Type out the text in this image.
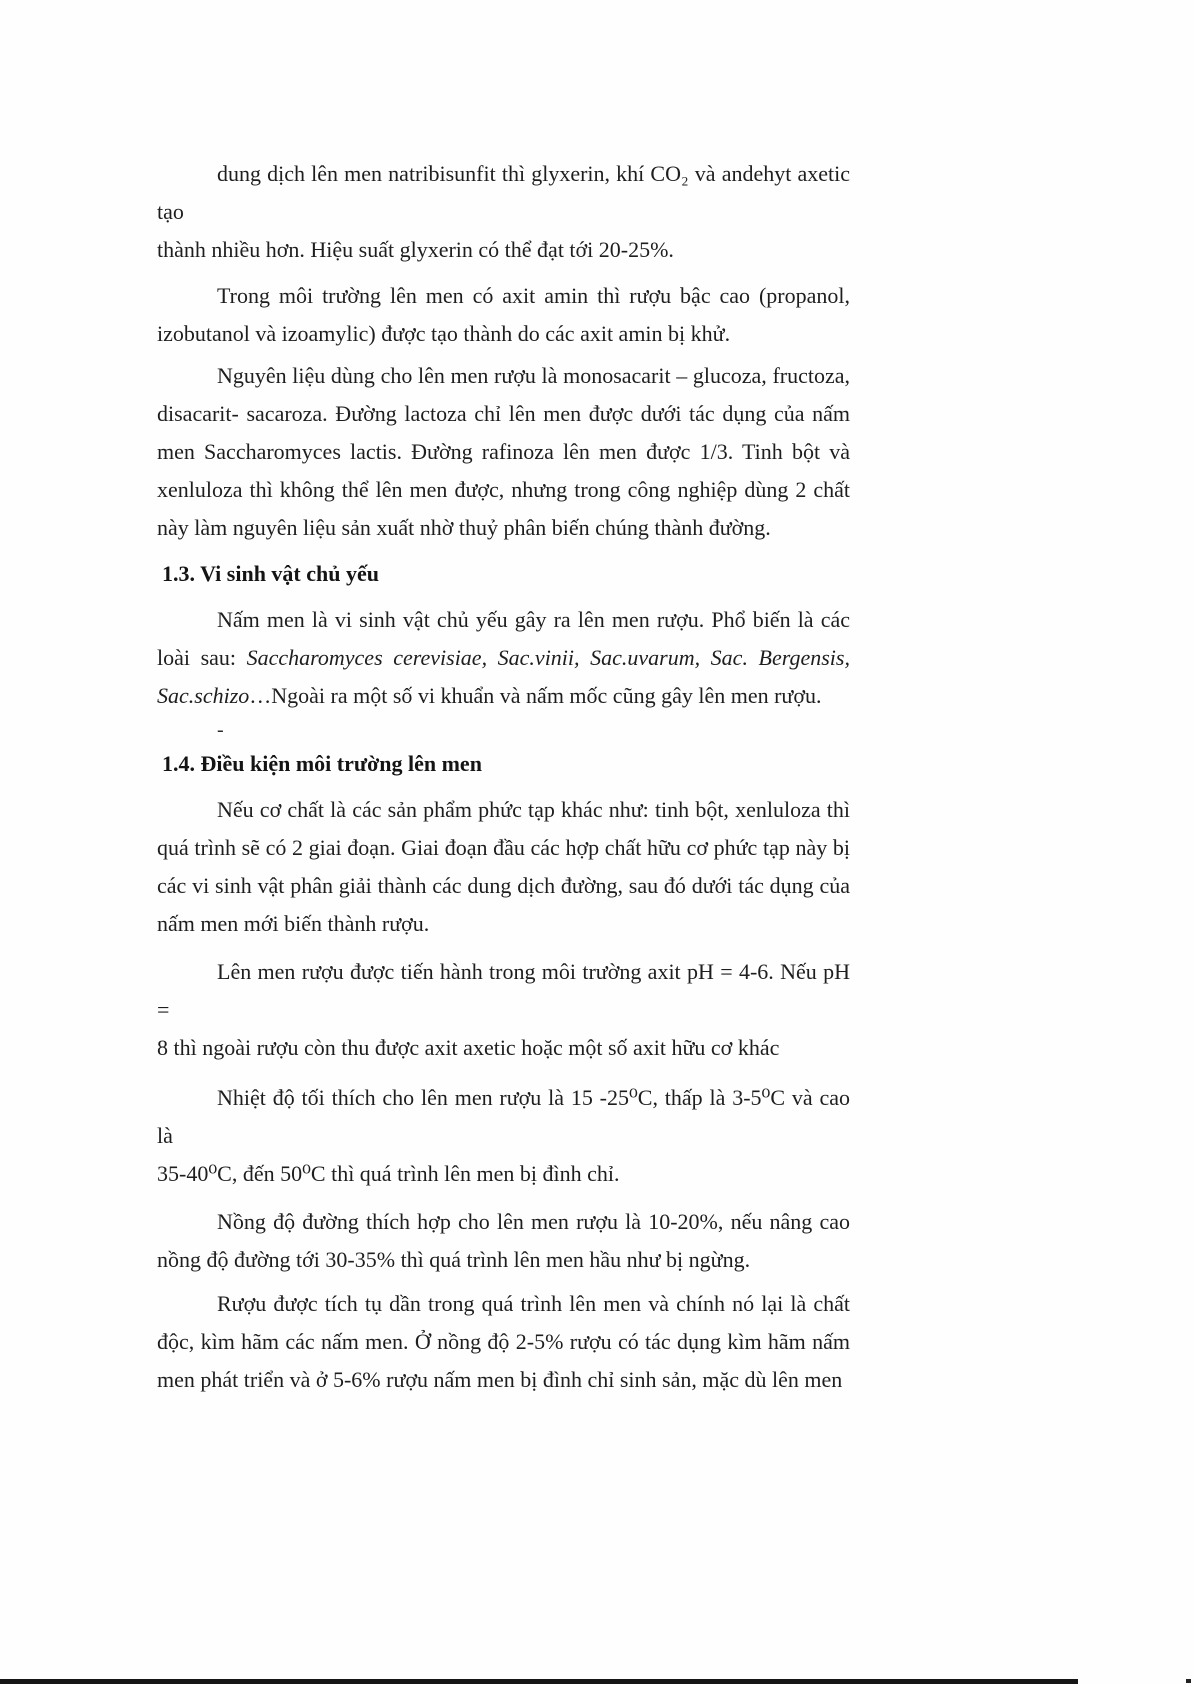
dung dịch lên men natribisunfit thì glyxerin, khí CO₂ và andehyt axetic tạo
thành nhiều hơn. Hiệu suất glyxerin có thể đạt tới 20-25%.
Trong môi trường lên men có axit amin thì rượu bậc cao (propanol,
izobutanol và izoamylic) được tạo thành do các axit amin bị khử.
Nguyên liệu dùng cho lên men rượu là monosacarit – glucoza, fructoza,
disacarit- sacaroza. Đường lactoza chỉ lên men được dưới tác dụng của nấm
men Saccharomyces lactis. Đường rafinoza lên men được 1/3. Tinh bột và
xenluloza thì không thể lên men được, nhưng trong công nghiệp dùng 2 chất
này làm nguyên liệu sản xuất nhờ thuỷ phân biến chúng thành đường.
1.3. Vi sinh vật chủ yếu
Nấm men là vi sinh vật chủ yếu gây ra lên men rượu. Phổ biến là các
loài sau: Saccharomyces cerevisiae, Sac.vinii, Sac.uvarum, Sac. Bergensis,
Sac.schizo…Ngoài ra một số vi khuẩn và nấm mốc cũng gây lên men rượu.
-
1.4. Điều kiện môi trường lên men
Nếu cơ chất là các sản phẩm phức tạp khác như: tinh bột, xenluloza thì
quá trình sẽ có 2 giai đoạn. Giai đoạn đầu các hợp chất hữu cơ phức tạp này bị
các vi sinh vật phân giải thành các dung dịch đường, sau đó dưới tác dụng của
nấm men mới biến thành rượu.
Lên men rượu được tiến hành trong môi trường axit pH = 4-6. Nếu pH =
8 thì ngoài rượu còn thu được axit axetic hoặc một số axit hữu cơ khác
Nhiệt độ tối thích cho lên men rượu là 15 -25⁰C, thấp là 3-5⁰C và cao là
35-40⁰C, đến 50⁰C thì quá trình lên men bị đình chỉ.
Nồng độ đường thích hợp cho lên men rượu là 10-20%, nếu nâng cao
nồng độ đường tới 30-35% thì quá trình lên men hầu như bị ngừng.
Rượu được tích tụ dần trong quá trình lên men và chính nó lại là chất
độc, kìm hãm các nấm men. Ở nồng độ 2-5% rượu có tác dụng kìm hãm nấm
men phát triển và ở 5-6% rượu nấm men bị đình chỉ sinh sản, mặc dù lên men
